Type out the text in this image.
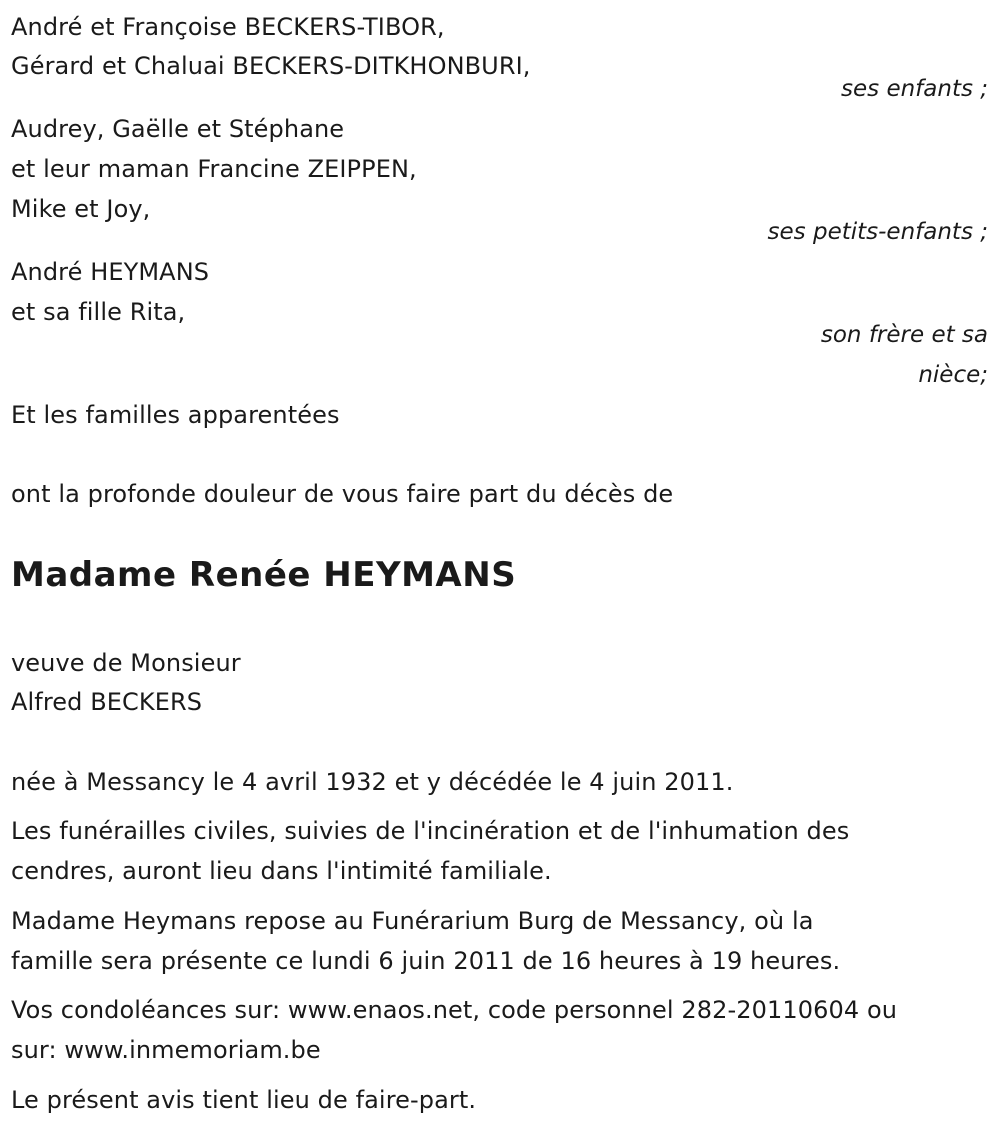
André et Françoise BECKERS-TIBOR,
Gérard et Chaluai BECKERS-DITKHONBURI,
ses enfants ;
Audrey, Gaëlle et Stéphane
et leur maman Francine ZEIPPEN,
Mike et Joy,
ses petits-enfants ;
André HEYMANS
et sa fille Rita,
son frère et sa
nièce;
Et les familles apparentées
ont la profonde douleur de vous faire part du décès de
Madame Renée HEYMANS
veuve de Monsieur
Alfred BECKERS
née à Messancy le 4 avril 1932 et y décédée le 4 juin 2011.
Les funérailles civiles, suivies de l'incinération et de l'inhumation des
cendres, auront lieu dans l'intimité familiale.
Madame Heymans repose au Funérarium Burg de Messancy, où la
famille sera présente ce lundi 6 juin 2011 de 16 heures à 19 heures.
Vos condoléances sur: www.enaos.net, code personnel 282-20110604 ou
sur: www.inmemoriam.be
Le présent avis tient lieu de faire-part.
